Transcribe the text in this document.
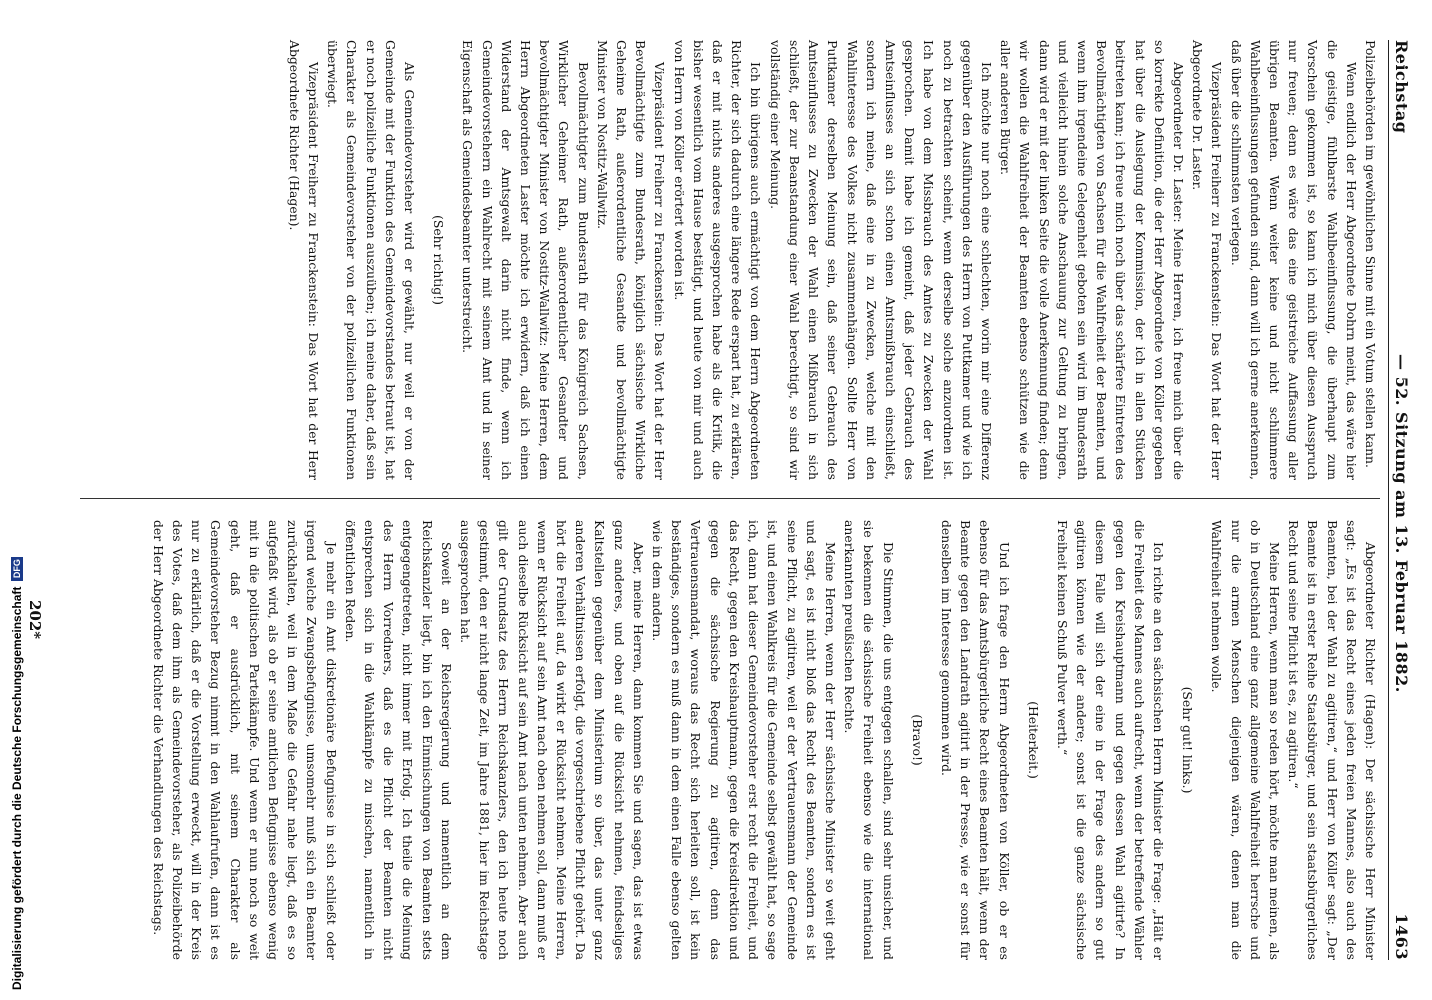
Reichstag
— 52. Sitzung am 13. Februar 1882.
1463

Polizeibehörden im gewöhnlichen Sinne mit ein Votum stellen kann.

Wenn endlich der Herr Abgeordnete Dohrn meint, das wäre hier die geistige, fühlbarste Wahlbeeinflussung, die überhaupt zum Vorschein gekommen ist, so kann ich mich über diesen Ausspruch nur freuen; denn es wäre das eine geistreiche Auffassung aller übrigen Beamten. Wenn weiter keine und nicht schlimmere Wahlbeeinflussungen gefunden sind, dann will ich gerne anerkennen, daß über die schlimmsten verlegen.

Vizepräsident Freiherr zu Franckenstein: Das Wort hat der Herr Abgeordnete Dr. Laster.

Abgeordneter Dr. Laster: Meine Herren, ich freue mich über die so korrekte Definition, die der Herr Abgeordnete von Köller gegeben hat über die Auslegung der Kommission, der ich in allen Stücken beitreten kann; ich freue mich noch über das schärfere Eintreten des Bevollmächtigten von Sachsen für die Wahlfreiheit der Beamten, und wenn ihm irgendeine Gelegenheit geboten sein wird im Bundesrath und vielleicht hinein solche Anschauung zur Geltung zu bringen, dann wird er mit der linken Seite die volle Anerkennung finden; denn wir wollen die Wahlfreiheit der Beamten ebenso schützen wie die aller anderen Bürger.

Ich möchte nur noch eine schlechten, worin mir eine Differenz gegenüber den Ausführungen des Herrn von Puttkamer und wie ich noch zu betrachten scheint, wenn derselbe solche anzuordnen ist. Ich habe von dem Missbrauch des Amtes zu Zwecken der Wahl gesprochen. Damit habe ich gemeint, daß jeder Gebrauch des Amtseinflusses an sich schon einen Amtsmißbrauch einschließt, sondern ich meine, daß eine in zu Zwecken, welche mit den Wahlinteresse des Volkes nicht zusammenhängen. Sollte Herr von Puttkamer derselben Meinung sein, daß seiner Gebrauch des Amtseinflusses zu Zwecken der Wahl einen Mißbrauch in sich schließt, der zur Beanstandung einer Wahl berechtigt, so sind wir vollständig einer Meinung.

Ich bin übrigens auch ermächtigt von dem Herrn Abgeordneten Richter, der sich dadurch eine längere Rede erspart hat, zu erklären, daß er mit nichts anderes ausgesprochen habe als die Kritik, die bisher wesentlich vom Hause bestätigt, und heute von mir und auch von Herrn von Köller erörtert worden ist.

Vizepräsident Freiherr zu Franckenstein: Das Wort hat der Herr Bevollmächtigte zum Bundesrath, königlich sächsische Wirkliche Geheime Rath, außerordentliche Gesandte und bevollmächtigte Minister von Nostitz-Wallwitz.

Bevollmächtigter zum Bundesrath für das Königreich Sachsen, Wirklicher Geheimer Rath, außerordentlicher Gesandter und bevollmächtigter Minister von Nostitz-Wallwitz: Meine Herren, dem Herrn Abgeordneten Laster möchte ich erwidern, daß ich einen Widerstand der Amtsgewalt darin nicht finde, wenn ich Gemeindevorstehern ein Wahlrecht mit seinem Amt und in seiner Eigenschaft als Gemeindesbeamter unterstreicht.

(Sehr richtig!)

Als Gemeindevorsteher wird er gewählt, nur weil er von der Gemeinde mit der Funktion des Gemeindevorstandes betraut ist, hat er noch polizeiliche Funktionen auszuüben; ich meine daher, daß sein Charakter als Gemeindevorsteher von der polizeilichen Funktionen überwiegt.

Vizepräsident Freiherr zu Franckenstein: Das Wort hat der Herr Abgeordnete Richter (Hagen).

Abgeordneter Richter (Hagen): Der sächsische Herr Minister sagt: „Es ist das Recht eines jeden freien Mannes, also auch des Beamten, bei der Wahl zu agitiren,“ und Herr von Köller sagt: „Der Beamte ist in erster Reihe Staatsbürger, und sein staatsbürgerliches Recht und seine Pflicht ist es, zu agitiren.“

Meine Herren, wenn man so reden hört, möchte man meinen, als ob in Deutschland eine ganz allgemeine Wahlfreiheit herrsche und nur die armen Menschen diejenigen wären, denen man die Wahlfreiheit nehmen wolle.

(Sehr gut! links.)

Ich richte an den sächsischen Herrn Minister die Frage: „Hält er die Freiheit des Mannes auch aufrecht, wenn der betreffende Wähler gegen den Kreishauptmann und gegen dessen Wahl agitirte? In diesem Falle will sich der eine in der Frage des andern so gut agitiren können wie der andere; sonst ist die ganze sächsische Freiheit keinen Schuß Pulver werth.“

(Heiterkeit.)

Und ich frage den Herrn Abgeordneten von Köller, ob er es ebenso für das Amtsbürgerliche Recht eines Beamten hält, wenn der Beamte gegen den Landrath agitirt in der Presse, wie er sonst für denselben im Interesse genommen wird.

(Bravo!)

Die Stimmen, die uns entgegen schallen, sind sehr unsicher, und sie bekennen die sächsische Freiheit ebenso wie die international anerkannten preußischen Rechte.

Meine Herren, wenn der Herr sächsische Minister so weit geht und sagt, es ist nicht bloß das Recht des Beamten, sondern es ist seine Pflicht, zu agitiren, weil er der Vertrauensmann der Gemeinde ist, und einen Wahlkreis für die Gemeinde selbst gewählt hat, so sage ich, dann hat dieser Gemeindevorsteher erst recht die Freiheit, und das Recht, gegen den Kreishauptmann, gegen die Kreisdirektion und gegen die sächsische Regierung zu agitiren, denn das Vertrauensmandat, woraus das Recht sich herleiten soll, ist kein beständiges, sondern es muß dann in dem einen Falle ebenso gelten wie in dem andern.

Aber, meine Herren, dann kommen Sie und sagen, das ist etwas ganz anderes, und oben auf die Rücksicht nehmen, feindseliges Kaltstellen gegenüber dem Ministerium so über, das unter ganz anderen Verhältnissen erfolgt, die vorgeschriebene Pflicht gehört. Da hört die Freiheit auf, da wirkt er Rücksicht nehmen. Meine Herren, wenn er Rücksicht auf sein Amt nach oben nehmen soll, dann muß er auch dieselbe Rücksicht auf sein Amt nach unten nehmen. Aber auch gilt der Grundsatz des Herrn Reichskanzlers, den ich heute noch gestimmt, den er nicht lange Zeit, im Jahre 1881, hier im Reichstage ausgesprochen hat.

Soweit an der Reichsregierung und namentlich an dem Reichskanzler liegt, bin ich den Einmischungen von Beamten stets entgegengetreten, nicht immer mit Erfolg. Ich theile die Meinung des Herrn Vorredners, daß es die Pflicht der Beamten nicht entsprechen sich in die Wahlkämpfe zu mischen, namentlich in öffentlichen Reden.

Je mehr ein Amt diskretionäre Befugnisse in sich schließt oder irgend welche Zwangsbefugnisse, umsomehr muß sich ein Beamter zurückhalten, weil in dem Maße die Gefahr nahe liegt, daß es so aufgefaßt wird, als ob er seine amtlichen Befugnisse ebenso wenig mit in die politischen Parteikämpfe. Und wenn er nun noch so weit geht, daß er ausdrücklich, mit seinem Charakter als Gemeindevorsteher Bezug nimmt in den Wahlaufrufen, dann ist es nur zu erklärlich, daß er die Vorstellung erweckt, will in der Kreis des Votes, daß dem ihm als Gemeindevorsteher, als Polizeibehörde der Herr Abgeordnete Richter die Verhandlungen des Reichstags.

202*
Digitalisierung gefördert durch die Deutsche Forschungsgemeinschaft
DFG
